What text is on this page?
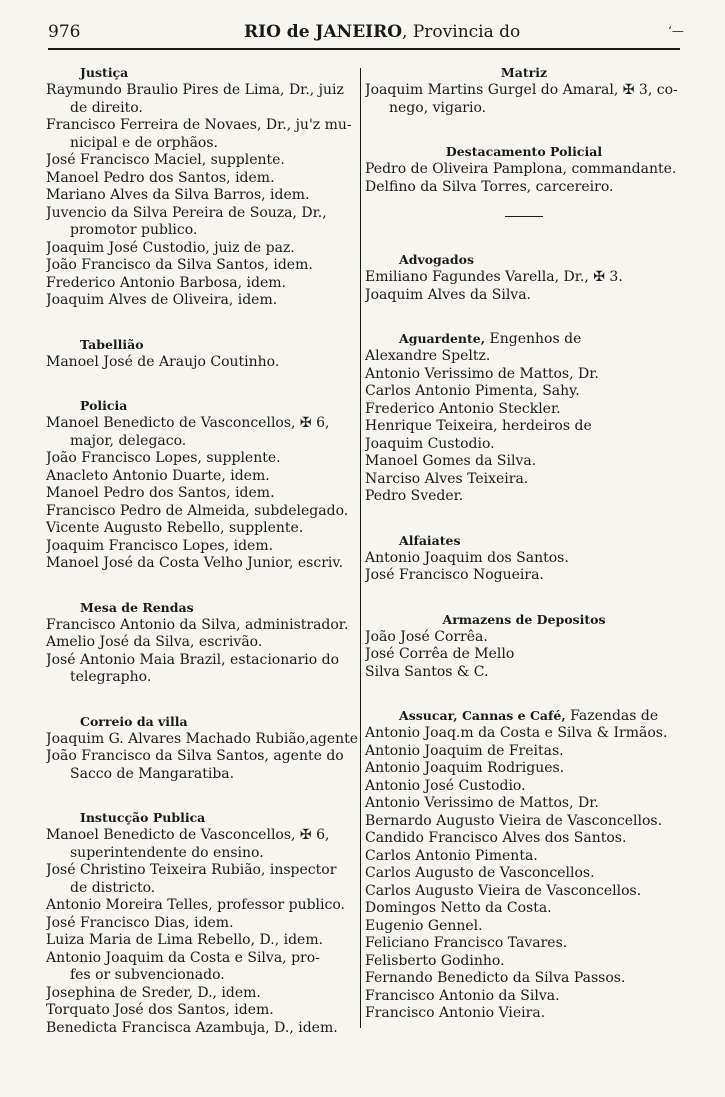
976	RIO de JANEIRO, Provincia do	‘—
Justiça
Raymundo Braulio Pires de Lima, Dr., juiz
de direito.
Francisco Ferreira de Novaes, Dr., ju'z mu-
nicipal e de orphãos.
José Francisco Maciel, supplente.
Manoel Pedro dos Santos, idem.
Mariano Alves da Silva Barros, idem.
Juvencio da Silva Pereira de Souza, Dr.,
promotor publico.
Joaquim José Custodio, juiz de paz.
João Francisco da Silva Santos, idem.
Frederico Antonio Barbosa, idem.
Joaquim Alves de Oliveira, idem.
Tabellião
Manoel José de Araujo Coutinho.
Policia
Manoel Benedicto de Vasconcellos, ✠ 6,
major, delegaco.
João Francisco Lopes, supplente.
Anacleto Antonio Duarte, idem.
Manoel Pedro dos Santos, idem.
Francisco Pedro de Almeida, subdelegado.
Vicente Augusto Rebello, supplente.
Joaquim Francisco Lopes, idem.
Manoel José da Costa Velho Junior, escriv.
Mesa de Rendas
Francisco Antonio da Silva, administrador.
Amelio José da Silva, escrivão.
José Antonio Maia Brazil, estacionario do
telegrapho.
Correio da villa
Joaquim G. Alvares Machado Rubião,agente
João Francisco da Silva Santos, agente do
Sacco de Mangaratiba.
Instucção Publica
Manoel Benedicto de Vasconcellos, ✠ 6,
superintendente do ensino.
José Christino Teixeira Rubião, inspector
de districto.
Antonio Moreira Telles, professor publico.
José Francisco Dias, idem.
Luiza Maria de Lima Rebello, D., idem.
Antonio Joaquim da Costa e Silva, pro-
fes or subvencionado.
Josephina de Sreder, D., idem.
Torquato José dos Santos, idem.
Benedicta Francisca Azambuja, D., idem.
Matriz
Joaquim Martins Gurgel do Amaral, ✠ 3, co-
nego, vigario.
Destacamento Policial
Pedro de Oliveira Pamplona, commandante.
Delfino da Silva Torres, carcereiro.
Advogados
Emiliano Fagundes Varella, Dr., ✠ 3.
Joaquim Alves da Silva.
Aguardente, Engenhos de
Alexandre Speltz.
Antonio Verissimo de Mattos, Dr.
Carlos Antonio Pimenta, Sahy.
Frederico Antonio Steckler.
Henrique Teixeira, herdeiros de
Joaquim Custodio.
Manoel Gomes da Silva.
Narciso Alves Teixeira.
Pedro Sveder.
Alfaiates
Antonio Joaquim dos Santos.
José Francisco Nogueira.
Armazens de Depositos
João José Corrêa.
José Corrêa de Mello
Silva Santos & C.
Assucar, Cannas e Café, Fazendas de
Antonio Joaq.m da Costa e Silva & Irmãos.
Antonio Joaquim de Freitas.
Antonio Joaquim Rodrigues.
Antonio José Custodio.
Antonio Verissimo de Mattos, Dr.
Bernardo Augusto Vieira de Vasconcellos.
Candido Francisco Alves dos Santos.
Carlos Antonio Pimenta.
Carlos Augusto de Vasconcellos.
Carlos Augusto Vieira de Vasconcellos.
Domingos Netto da Costa.
Eugenio Gennel.
Feliciano Francisco Tavares.
Felisberto Godinho.
Fernando Benedicto da Silva Passos.
Francisco Antonio da Silva.
Francisco Antonio Vieira.
